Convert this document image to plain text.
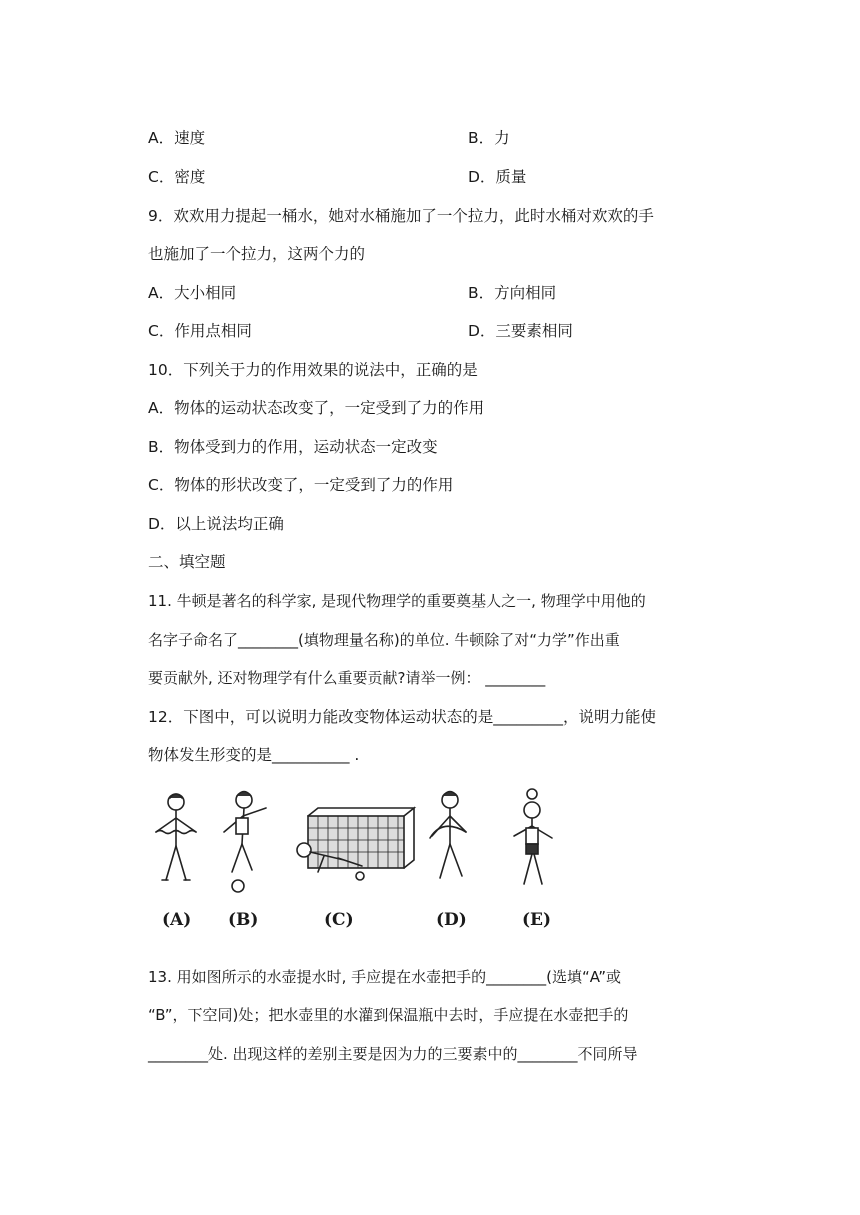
A．速度	B．力
C．密度	D．质量
9．欢欢用力提起一桶水，她对水桶施加了一个拉力，此时水桶对欢欢的手
也施加了一个拉力，这两个力的
A．大小相同	B．方向相同
C．作用点相同	D．三要素相同
10．下列关于力的作用效果的说法中，正确的是
A．物体的运动状态改变了，一定受到了力的作用
B．物体受到力的作用，运动状态一定改变
C．物体的形状改变了，一定受到了力的作用
D．以上说法均正确
二、填空题
11. 牛顿是著名的科学家, 是现代物理学的重要奠基人之一, 物理学中用他的
名字子命名了________(填物理量名称)的单位. 牛顿除了对“力学”作出重
要贡献外, 还对物理学有什么重要贡献?请举一例： ________
12．下图中，可以说明力能改变物体运动状态的是_________，说明力能使
物体发生形变的是__________ .
(A) (B)	(C)	(D)	(E)
13. 用如图所示的水壶提水时, 手应提在水壶把手的________(选填“A”或
“B”，下空同)处；把水壶里的水灌到保温瓶中去时，手应提在水壶把手的
________处. 出现这样的差别主要是因为力的三要素中的________不同所导
